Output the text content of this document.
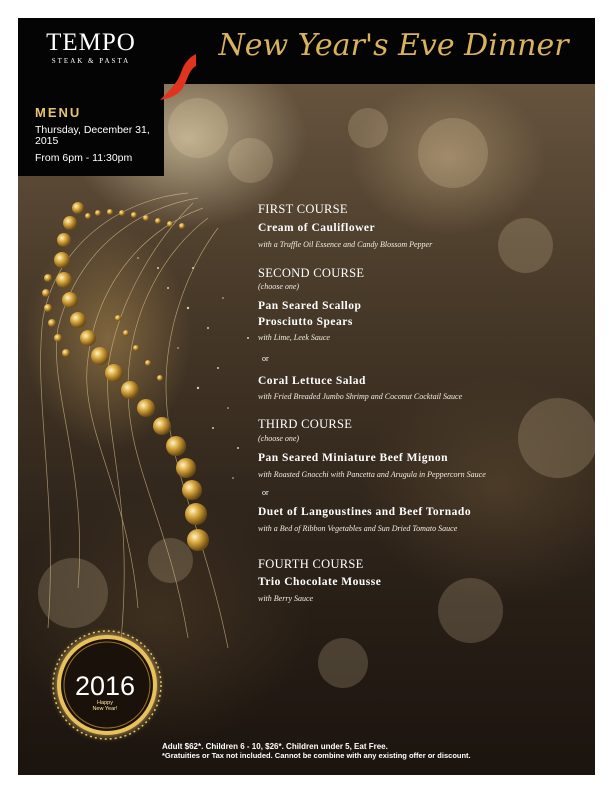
TEMPO
STEAK & PASTA	New Year's Eve Dinner
MENU
Thursday, December 31, 2015
From 6pm - 11:30pm
FIRST COURSE
Cream of Cauliflower
with a Truffle Oil Essence and Candy Blossom Pepper
SECOND COURSE
(choose one)
Pan Seared Scallop
Prosciutto Spears
with Lime, Leek Sauce
or
Coral Lettuce Salad
with Fried Breaded Jumbo Shrimp and Coconut Cocktail Sauce
THIRD COURSE
(choose one)
Pan Seared Miniature Beef Mignon
with Roasted Gnocchi with Pancetta and Arugula in Peppercorn Sauce
or
Duet of Langoustines and Beef Tornado
with a Bed of Ribbon Vegetables and Sun Dried Tomato Sauce
FOURTH COURSE
Trio Chocolate Mousse
with Berry Sauce
2016
Happy
New Year!
Adult $62*. Children 6 - 10, $26*. Children under 5, Eat Free.
*Gratuities or Tax not included. Cannot be combine with any existing offer or discount.
